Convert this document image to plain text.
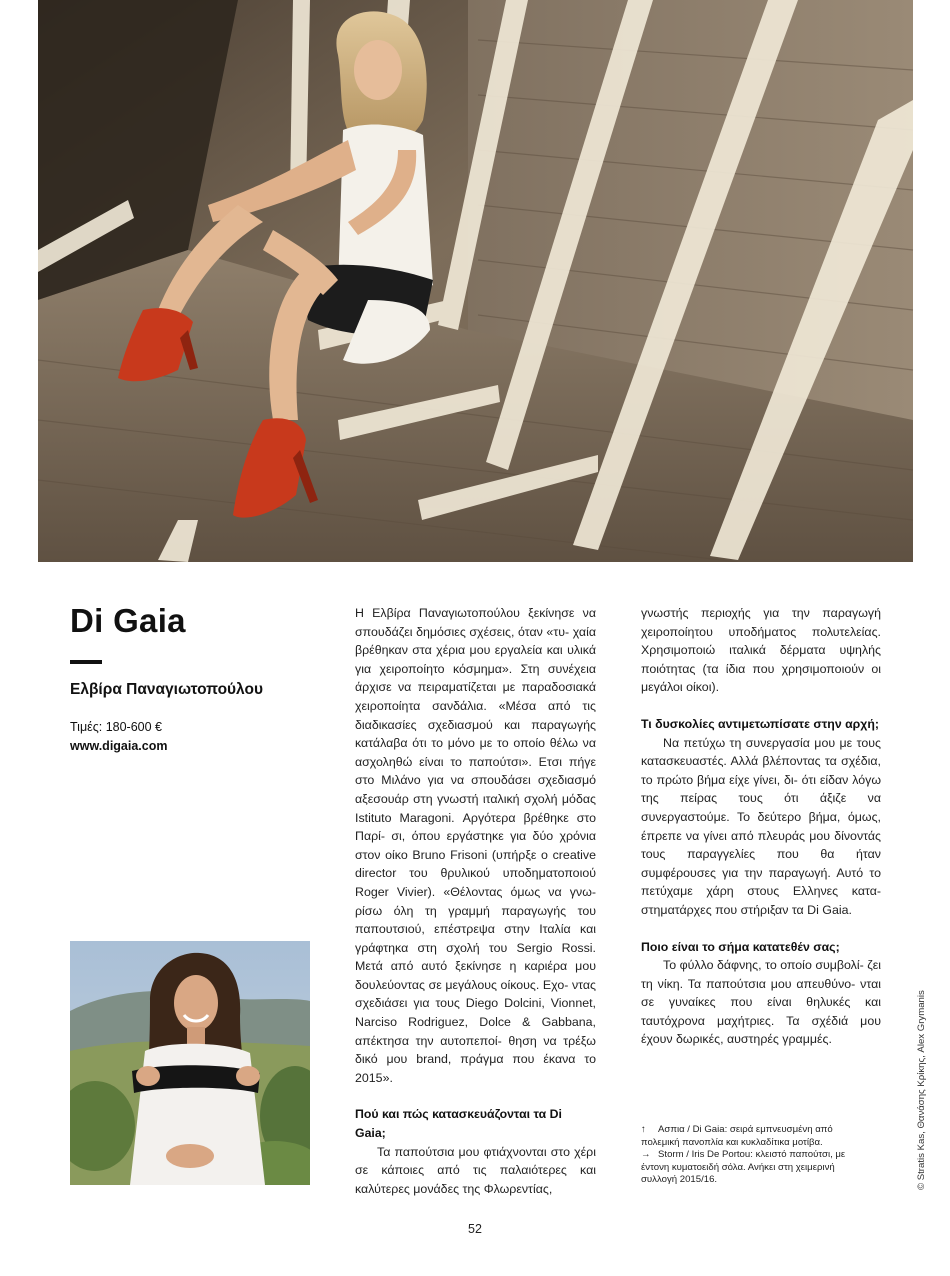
Di Gaia
Ελβίρα Παναγιωτοπούλου
Τιμές: 180-600 €
www.digaia.com

Η Ελβίρα Παναγιωτοπούλου ξεκίνησε να σπουδάζει δημόσιες σχέσεις, όταν «τυ- χαία βρέθηκαν στα χέρια μου εργαλεία και υλικά για χειροποίητο κόσμημα». Στη συνέχεια άρχισε να πειραματίζεται με παραδοσιακά χειροποίητα σανδάλια. «Μέσα από τις διαδικασίες σχεδιασμού και παραγωγής κατάλαβα ότι το μόνο με το οποίο θέλω να ασχοληθώ είναι το παπούτσι». Ετσι πήγε στο Μιλάνο για να σπουδάσει σχεδιασμό αξεσουάρ στη γνωστή ιταλική σχολή μόδας Istituto Maragoni. Αργότερα βρέθηκε στο Παρί- σι, όπου εργάστηκε για δύο χρόνια στον οίκο Bruno Frisoni (υπήρξε ο creative director του θρυλικού υποδηματοποιού Roger Vivier). «Θέλοντας όμως να γνω- ρίσω όλη τη γραμμή παραγωγής του παπουτσιού, επέστρεψα στην Ιταλία και γράφτηκα στη σχολή του Sergio Rossi. Μετά από αυτό ξεκίνησε η καριέρα μου δουλεύοντας σε μεγάλους οίκους. Εχο- ντας σχεδιάσει για τους Diego Dolcini, Vionnet, Narciso Rodriguez, Dolce & Gabbana, απέκτησα την αυτοπεποί- θηση να τρέξω δικό μου brand, πράγμα που έκανα το 2015».

Πού και πώς κατασκευάζονται τα Di Gaia;

Τα παπούτσια μου φτιάχνονται στο χέρι σε κάποιες από τις παλαιότερες και καλύτερες μονάδες της Φλωρεντίας,

γνωστής περιοχής για την παραγωγή χειροποίητου υποδήματος πολυτελείας. Χρησιμοποιώ ιταλικά δέρματα υψηλής ποιότητας (τα ίδια που χρησιμοποιούν οι μεγάλοι οίκοι).

Τι δυσκολίες αντιμετωπίσατε στην αρχή;

Να πετύχω τη συνεργασία μου με τους κατασκευαστές. Αλλά βλέποντας τα σχέδια, το πρώτο βήμα είχε γίνει, δι- ότι είδαν λόγω της πείρας τους ότι άξιζε να συνεργαστούμε. Το δεύτερο βήμα, όμως, έπρεπε να γίνει από πλευράς μου δίνοντάς τους παραγγελίες που θα ήταν συμφέρουσες για την παραγωγή. Αυτό το πετύχαμε χάρη στους Ελληνες κατα- στηματάρχες που στήριξαν τα Di Gaia.

Ποιο είναι το σήμα κατατεθέν σας;

Το φύλλο δάφνης, το οποίο συμβολί- ζει τη νίκη. Τα παπούτσια μου απευθύνο- νται σε γυναίκες που είναι θηλυκές και ταυτόχρονα μαχήτριες. Τα σχέδιά μου έχουν δωρικές, αυστηρές γραμμές.

↑ Ασπια / Di Gaia: σειρά εμπνευσμένη από
πολεμική πανοπλία και κυκλαδίτικα μοτίβα.

→ Storm / Iris De Portou: κλειστό παπούτσι, με
έντονη κυματοειδή σόλα. Ανήκει στη χειμερινή
συλλογή 2015/16.	© Stratis Kas, Θανάσης Κρίκης, Alex Grymanis
52
